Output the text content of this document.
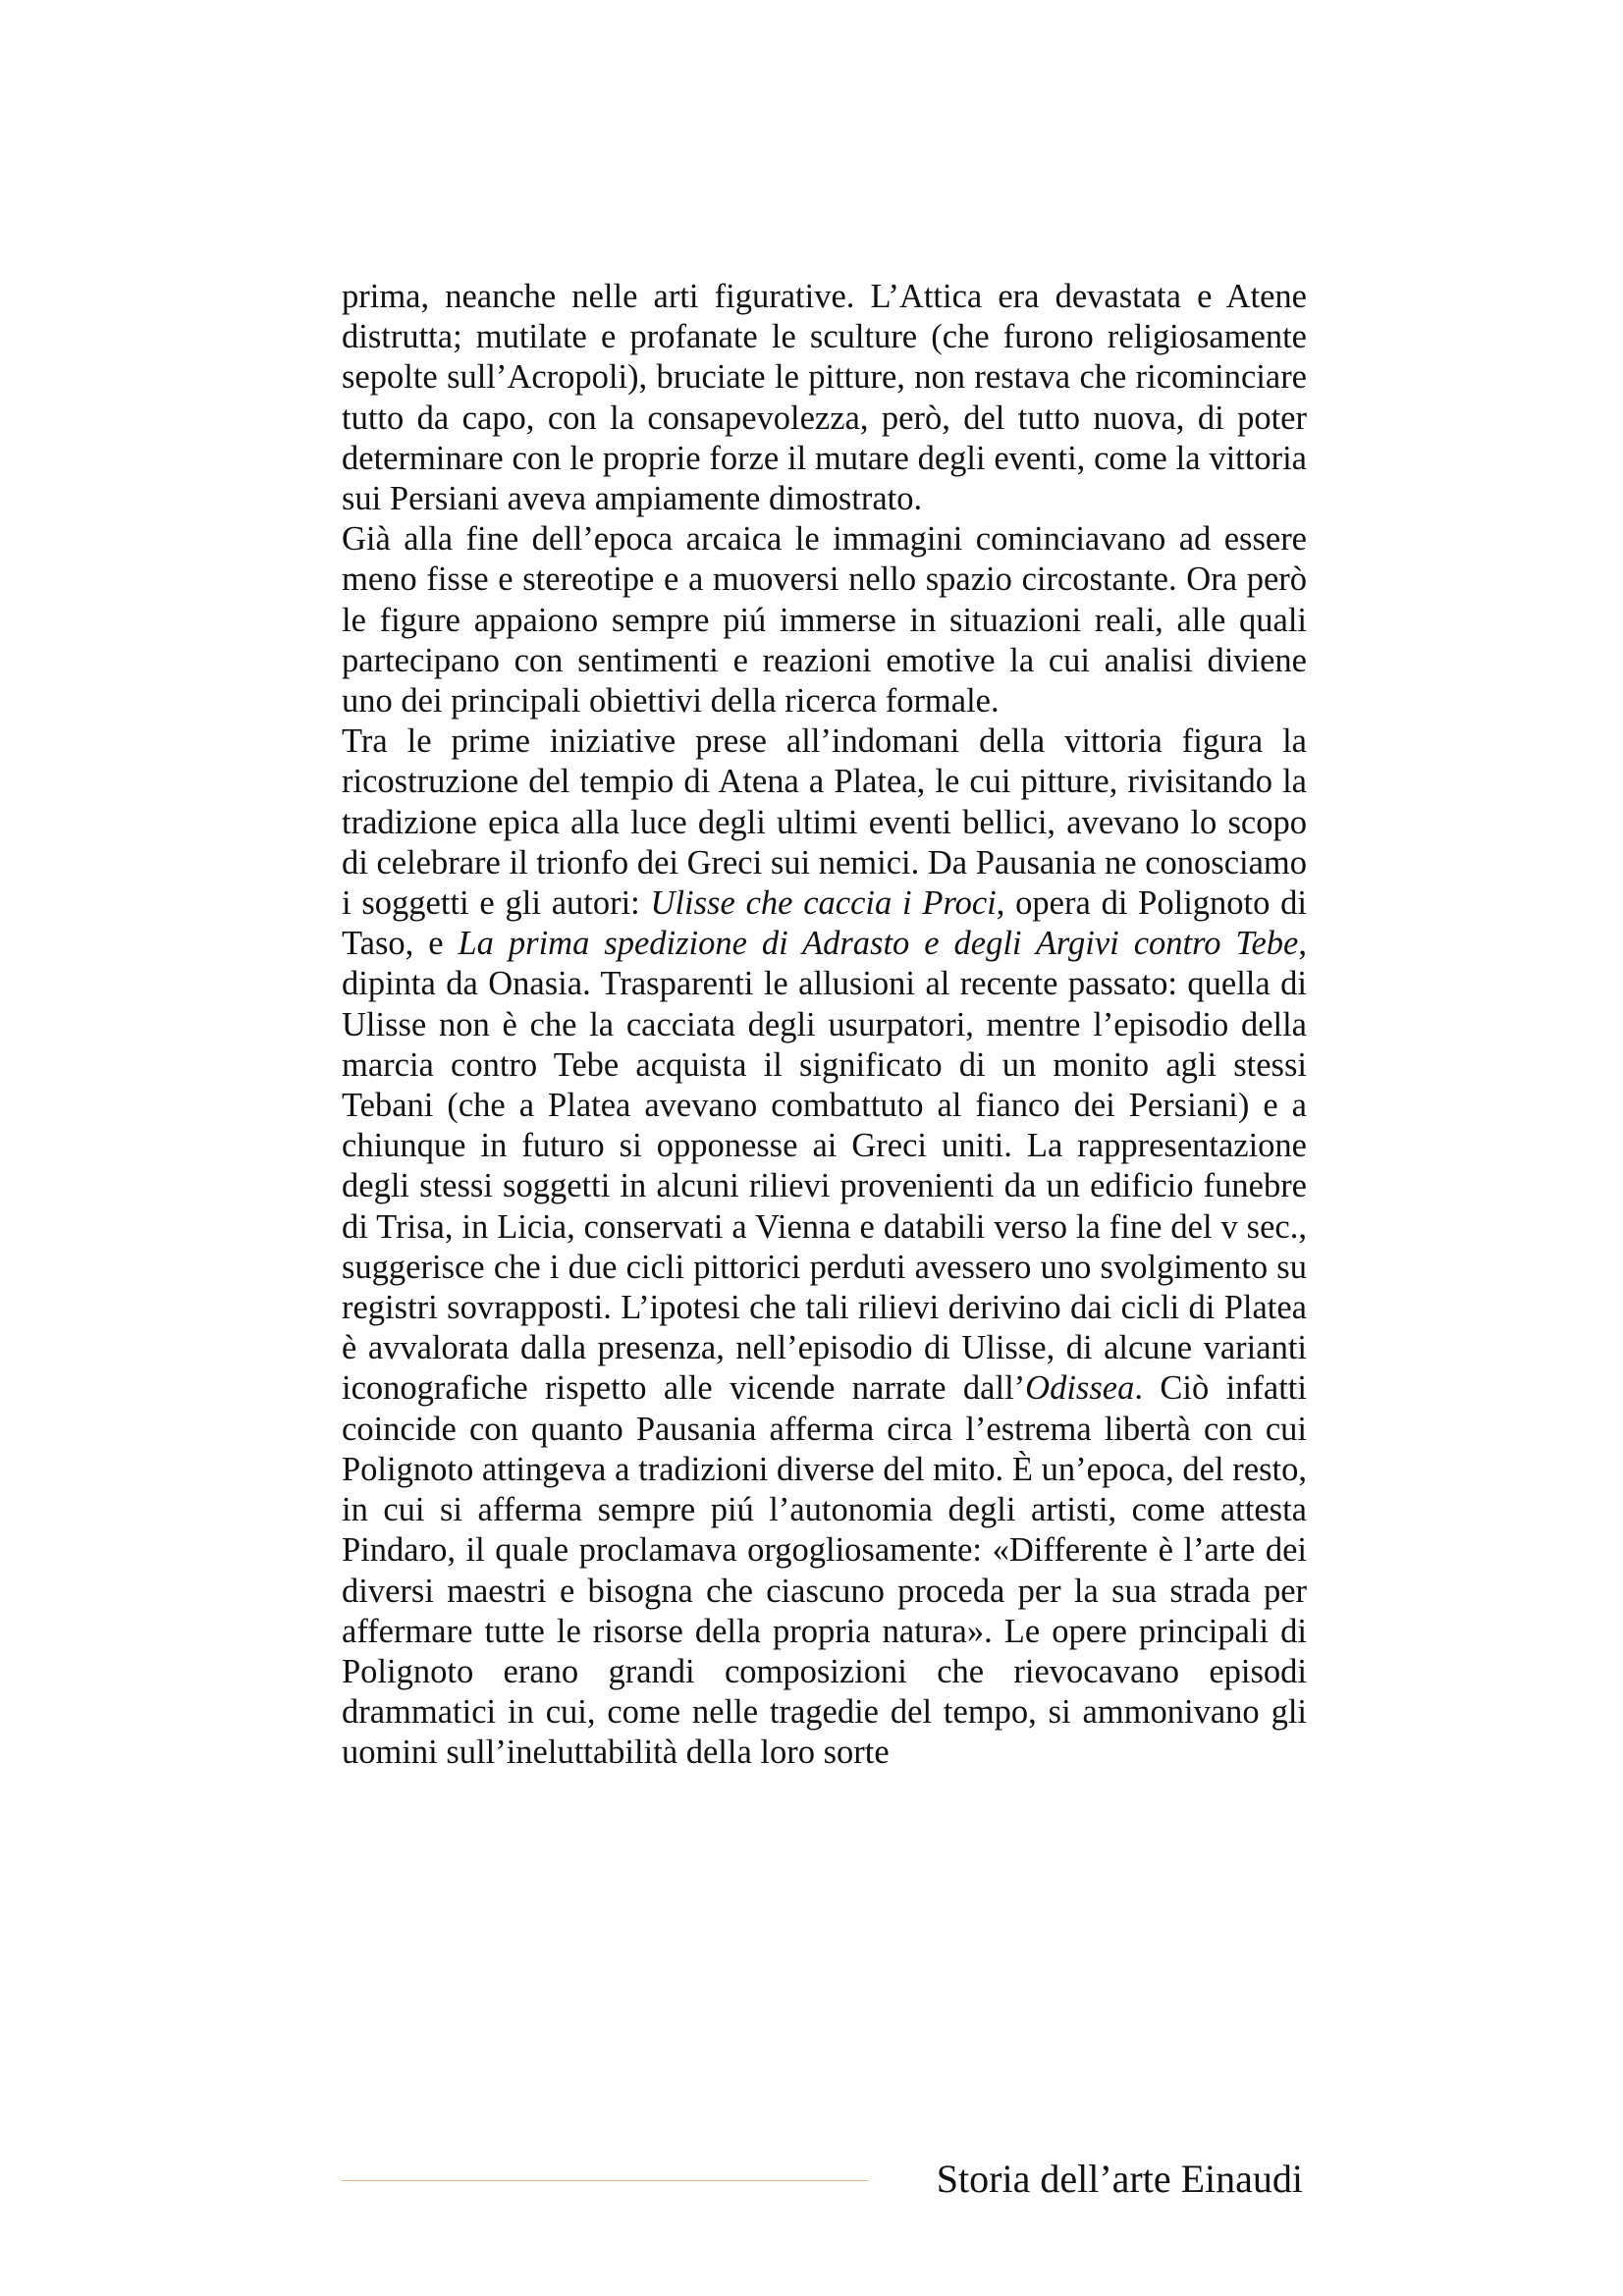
prima, neanche nelle arti figurative. L’Attica era devastata e Atene distrutta; mutilate e profanate le sculture (che furono religiosamente sepolte sull’Acropoli), bruciate le pitture, non restava che ricominciare tutto da capo, con la consapevolezza, però, del tutto nuova, di poter determinare con le proprie forze il mutare degli eventi, come la vittoria sui Persiani aveva ampiamente dimostrato.

Già alla fine dell’epoca arcaica le immagini cominciavano ad essere meno fisse e stereotipe e a muoversi nello spazio circostante. Ora però le figure appaiono sempre piú immerse in situazioni reali, alle quali partecipano con sentimenti e reazioni emotive la cui analisi diviene uno dei principali obiettivi della ricerca formale.

Tra le prime iniziative prese all’indomani della vittoria figura la ricostruzione del tempio di Atena a Platea, le cui pitture, rivisitando la tradizione epica alla luce degli ultimi eventi bellici, avevano lo scopo di celebrare il trionfo dei Greci sui nemici. Da Pausania ne conosciamo i soggetti e gli autori: Ulisse che caccia i Proci, opera di Polignoto di Taso, e La prima spedizione di Adrasto e degli Argivi contro Tebe, dipinta da Onasia. Trasparenti le allusioni al recente passato: quella di Ulisse non è che la cacciata degli usurpatori, mentre l’episodio della marcia contro Tebe acquista il significato di un monito agli stessi Tebani (che a Platea avevano combattuto al fianco dei Persiani) e a chiunque in futuro si opponesse ai Greci uniti. La rappresentazione degli stessi soggetti in alcuni rilievi provenienti da un edificio funebre di Trisa, in Licia, conservati a Vienna e databili verso la fine del v sec., suggerisce che i due cicli pittorici perduti avessero uno svolgimento su registri sovrapposti. L’ipotesi che tali rilievi derivino dai cicli di Platea è avvalorata dalla presenza, nell’episodio di Ulisse, di alcune varianti iconografiche rispetto alle vicende narrate dall’Odissea. Ciò infatti coincide con quanto Pausania afferma circa l’estrema libertà con cui Polignoto attingeva a tradizioni diverse del mito. È un’epoca, del resto, in cui si afferma sempre piú l’autonomia degli artisti, come attesta Pindaro, il quale proclamava orgogliosamente: «Differente è l’arte dei diversi maestri e bisogna che ciascuno proceda per la sua strada per affermare tutte le risorse della propria natura». Le opere principali di Polignoto erano grandi composizioni che rievocavano episodi drammatici in cui, come nelle tragedie del tempo, si ammonivano gli uomini sull’ineluttabilità della loro sorte

Storia dell’arte Einaudi
